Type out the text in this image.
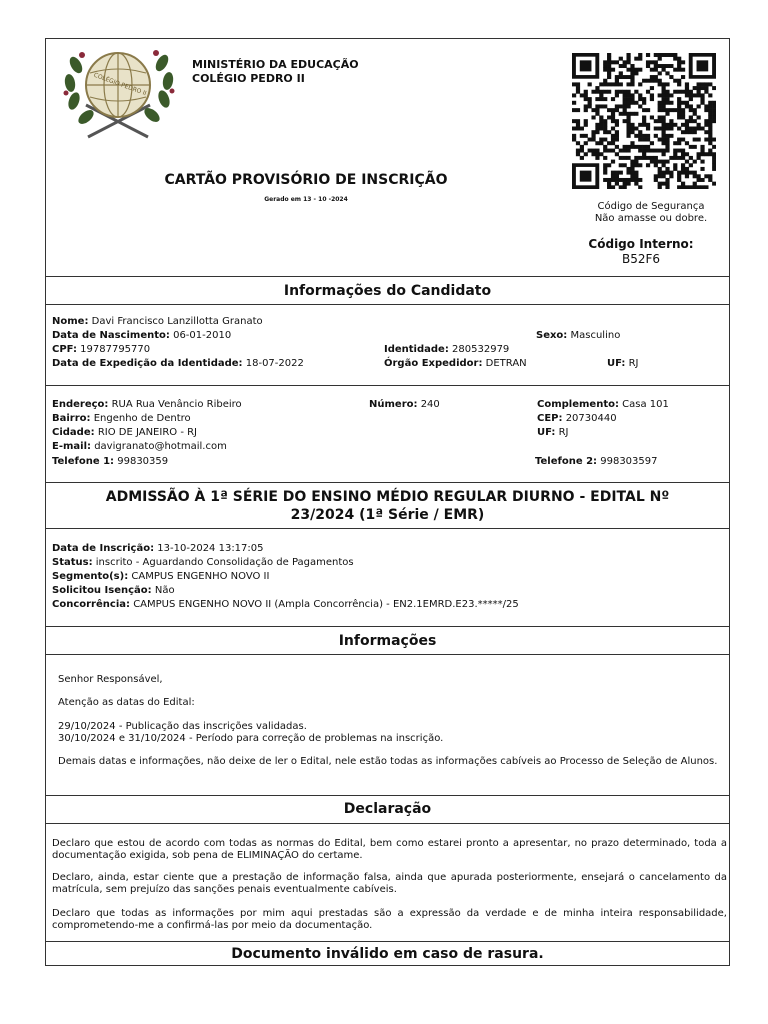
COLÉGIO PEDRO II
MINISTÉRIO DA EDUCAÇÃO
COLÉGIO PEDRO II
CARTÃO PROVISÓRIO DE INSCRIÇÃO
Gerado em 13 - 10 -2024
Código de Segurança
Não amasse ou dobre.
Código Interno:
B52F6
Informações do Candidato
Nome: Davi Francisco Lanzillotta Granato
Data de Nascimento: 06-01-2010	Sexo: Masculino
CPF: 19787795770	Identidade: 280532979
Data de Expedição da Identidade: 18-07-2022	Órgão Expedidor: DETRAN	UF: RJ
Endereço: RUA Rua Venâncio Ribeiro	Número: 240	Complemento: Casa 101
Bairro: Engenho de Dentro	CEP: 20730440
Cidade: RIO DE JANEIRO - RJ	UF: RJ
E-mail: davigranato@hotmail.com
Telefone 1: 99830359	Telefone 2: 998303597
ADMISSÃO À 1ª SÉRIE DO ENSINO MÉDIO REGULAR DIURNO - EDITAL Nº
23/2024 (1ª Série / EMR)
Data de Inscrição: 13-10-2024 13:17:05
Status: inscrito - Aguardando Consolidação de Pagamentos
Segmento(s): CAMPUS ENGENHO NOVO II
Solicitou Isenção: Não
Concorrência: CAMPUS ENGENHO NOVO II (Ampla Concorrência) - EN2.1EMRD.E23.*****/25
Informações
Senhor Responsável,
Atenção as datas do Edital:
29/10/2024 - Publicação das inscrições validadas.
30/10/2024 e 31/10/2024 - Período para correção de problemas na inscrição.
Demais datas e informações, não deixe de ler o Edital, nele estão todas as informações cabíveis ao Processo de Seleção de Alunos.
Declaração
Declaro que estou de acordo com todas as normas do Edital, bem como estarei pronto a apresentar, no prazo determinado, toda a documentação exigida, sob pena de ELIMINAÇÃO do certame.
Declaro, ainda, estar ciente que a prestação de informação falsa, ainda que apurada posteriormente, ensejará o cancelamento da matrícula, sem prejuízo das sanções penais eventualmente cabíveis.
Declaro que todas as informações por mim aqui prestadas são a expressão da verdade e de minha inteira responsabilidade, comprometendo-me a confirmá-las por meio da documentação.
Documento inválido em caso de rasura.
